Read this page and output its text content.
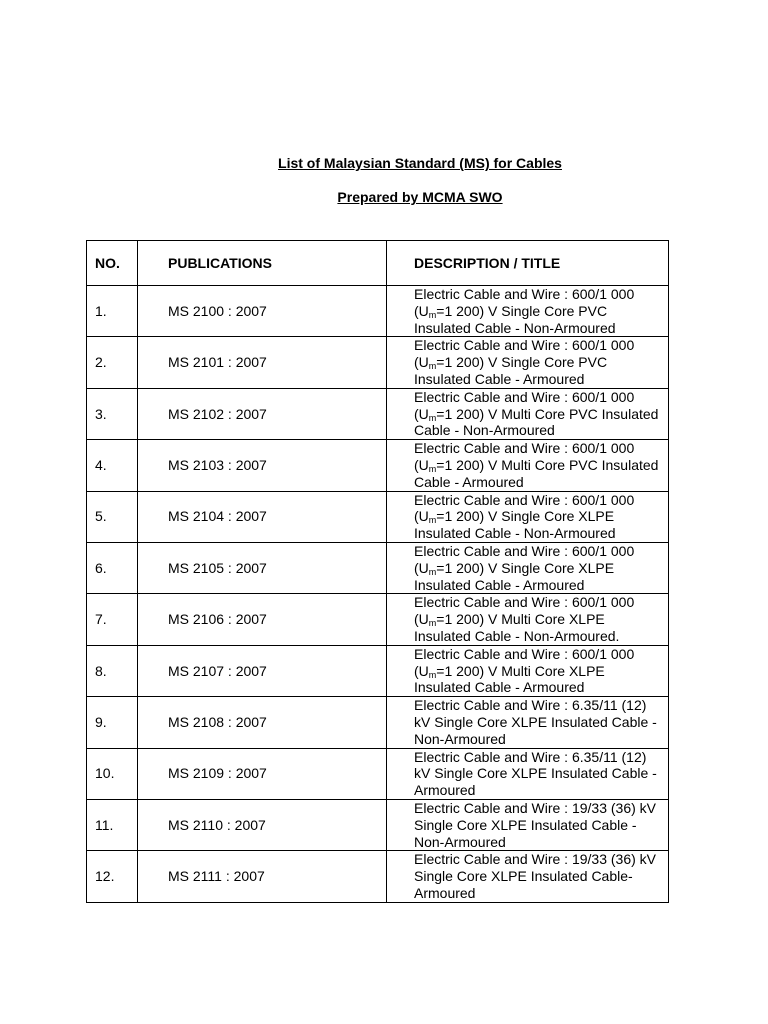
List of Malaysian Standard (MS) for Cables

Prepared by MCMA SWO

NO.	PUBLICATIONS	DESCRIPTION / TITLE
1.	MS 2100 : 2007	Electric Cable and Wire : 600/1 000 ($U_m=1$ 200) V Single Core PVC Insulated Cable - Non-Armoured
2.	MS 2101 : 2007	Electric Cable and Wire : 600/1 000 ($U_m=1$ 200) V Single Core PVC Insulated Cable - Armoured
3.	MS 2102 : 2007	Electric Cable and Wire : 600/1 000 ($U_m=1$ 200) V Multi Core PVC Insulated Cable - Non-Armoured
4.	MS 2103 : 2007	Electric Cable and Wire : 600/1 000 ($U_m=1$ 200) V Multi Core PVC Insulated Cable - Armoured
5.	MS 2104 : 2007	Electric Cable and Wire : 600/1 000 ($U_m=1$ 200) V Single Core XLPE Insulated Cable - Non-Armoured
6.	MS 2105 : 2007	Electric Cable and Wire : 600/1 000 ($U_m=1$ 200) V Single Core XLPE Insulated Cable - Armoured
7.	MS 2106 : 2007	Electric Cable and Wire : 600/1 000 ($U_m=1$ 200) V Multi Core XLPE Insulated Cable - Non-Armoured.
8.	MS 2107 : 2007	Electric Cable and Wire : 600/1 000 ($U_m=1$ 200) V Multi Core XLPE Insulated Cable - Armoured
9.	MS 2108 : 2007	Electric Cable and Wire : 6.35/11 (12) kV Single Core XLPE Insulated Cable - Non-Armoured
10.	MS 2109 : 2007	Electric Cable and Wire : 6.35/11 (12) kV Single Core XLPE Insulated Cable - Armoured
11.	MS 2110 : 2007	Electric Cable and Wire : 19/33 (36) kV Single Core XLPE Insulated Cable - Non-Armoured
12.	MS 2111 : 2007	Electric Cable and Wire : 19/33 (36) kV Single Core XLPE Insulated Cable-Armoured
